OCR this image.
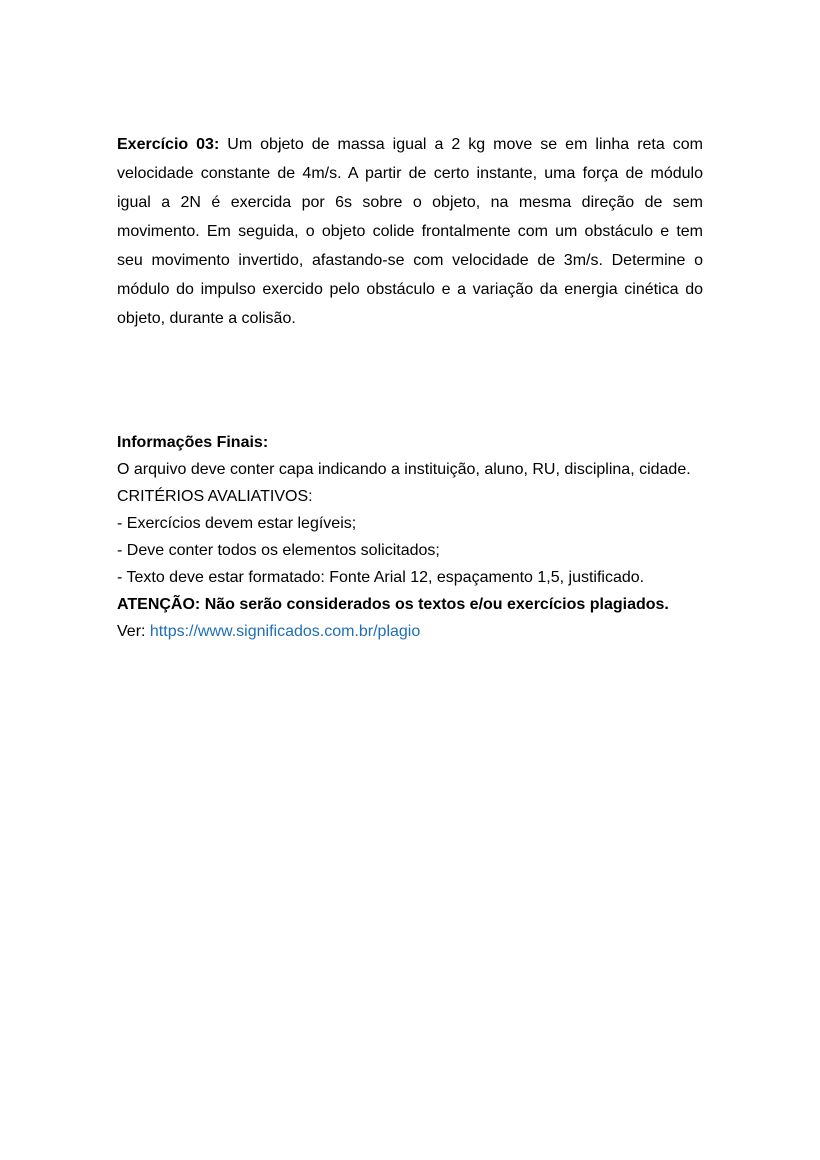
Exercício 03: Um objeto de massa igual a 2 kg move se em linha reta com velocidade constante de 4m/s. A partir de certo instante, uma força de módulo igual a 2N é exercida por 6s sobre o objeto, na mesma direção de sem movimento. Em seguida, o objeto colide frontalmente com um obstáculo e tem seu movimento invertido, afastando-se com velocidade de 3m/s. Determine o módulo do impulso exercido pelo obstáculo e a variação da energia cinética do objeto, durante a colisão.

Informações Finais:
O arquivo deve conter capa indicando a instituição, aluno, RU, disciplina, cidade.
CRITÉRIOS AVALIATIVOS:
- Exercícios devem estar legíveis;
- Deve conter todos os elementos solicitados;
- Texto deve estar formatado: Fonte Arial 12, espaçamento 1,5, justificado.
ATENÇÃO: Não serão considerados os textos e/ou exercícios plagiados.
Ver: https://www.significados.com.br/plagio
